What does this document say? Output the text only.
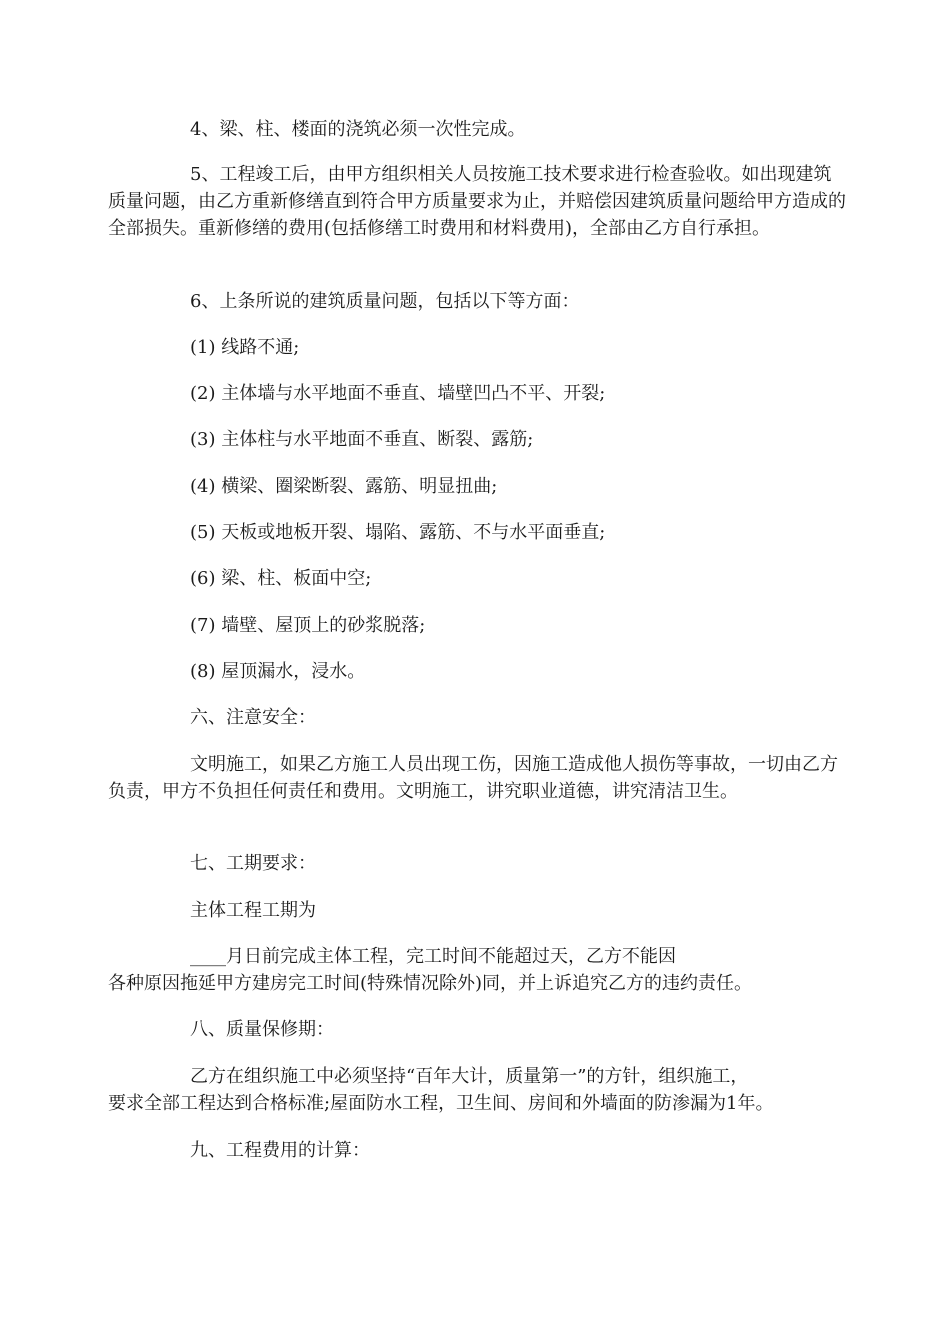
4、梁、柱、楼面的浇筑必须一次性完成。

5、工程竣工后，由甲方组织相关人员按施工技术要求进行检查验收。如出现建筑质量问题，由乙方重新修缮直到符合甲方质量要求为止，并赔偿因建筑质量问题给甲方造成的全部损失。重新修缮的费用(包括修缮工时费用和材料费用)，全部由乙方自行承担。

6、上条所说的建筑质量问题，包括以下等方面：

(1) 线路不通;

(2) 主体墙与水平地面不垂直、墙壁凹凸不平、开裂;

(3) 主体柱与水平地面不垂直、断裂、露筋;

(4) 横梁、圈梁断裂、露筋、明显扭曲;

(5) 天板或地板开裂、塌陷、露筋、不与水平面垂直;

(6) 梁、柱、板面中空;

(7) 墙壁、屋顶上的砂浆脱落;

(8) 屋顶漏水，浸水。

六、注意安全：

文明施工，如果乙方施工人员出现工伤，因施工造成他人损伤等事故，一切由乙方负责，甲方不负担任何责任和费用。文明施工，讲究职业道德，讲究清洁卫生。

七、工期要求：

主体工程工期为

____月日前完成主体工程，完工时间不能超过天，乙方不能因

各种原因拖延甲方建房完工时间(特殊情况除外)同，并上诉追究乙方的违约责任。

八、质量保修期：

乙方在组织施工中必须坚持“百年大计，质量第一”的方针，组织施工，

要求全部工程达到合格标准;屋面防水工程，卫生间、房间和外墙面的防渗漏为1年。

九、工程费用的计算：
